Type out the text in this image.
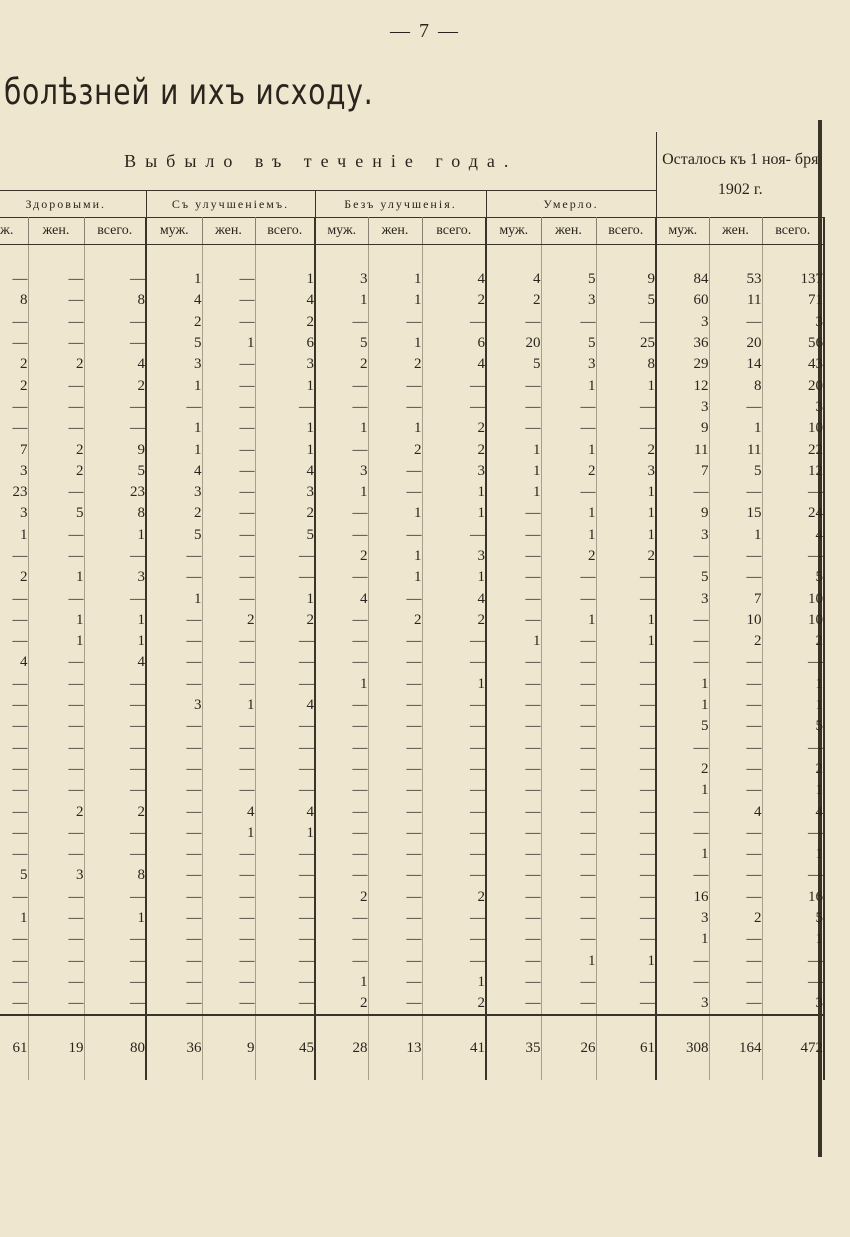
— 7 —
болѣзней и ихъ исходу.
Выбыло въ теченіе года.												Осталось къ 1 ноя- бря 1902 г.		
Здоровыми.			Съ улучшеніемъ.			Безъ улучшенія.			Умерло.					
ж.	жен.	всего.	муж.	жен.	всего.	муж.	жен.	всего.	муж.	жен.	всего.	муж.	жен.	всего.

—	—	—	1	—	1	3	1	4	4	5	9	84	53	137
8	—	8	4	—	4	1	1	2	2	3	5	60	11	71
—	—	—	2	—	2	—	—	—	—	—	—	3	—	3
—	—	—	5	1	6	5	1	6	20	5	25	36	20	56
2	2	4	3	—	3	2	2	4	5	3	8	29	14	43
2	—	2	1	—	1	—	—	—	—	1	1	12	8	20
—	—	—	—	—	—	—	—	—	—	—	—	3	—	3
—	—	—	1	—	1	1	1	2	—	—	—	9	1	10
7	2	9	1	—	1	—	2	2	1	1	2	11	11	22
3	2	5	4	—	4	3	—	3	1	2	3	7	5	12
23	—	23	3	—	3	1	—	1	1	—	1	—	—	—
3	5	8	2	—	2	—	1	1	—	1	1	9	15	24
1	—	1	5	—	5	—	—	—	—	1	1	3	1	4
—	—	—	—	—	—	2	1	3	—	2	2	—	—	—
2	1	3	—	—	—	—	1	1	—	—	—	5	—	5
—	—	—	1	—	1	4	—	4	—	—	—	3	7	10
—	1	1	—	2	2	—	2	2	—	1	1	—	10	10
—	1	1	—	—	—	—	—	—	1	—	1	—	2	2
4	—	4	—	—	—	—	—	—	—	—	—	—	—	—
—	—	—	—	—	—	1	—	1	—	—	—	1	—	1
—	—	—	3	1	4	—	—	—	—	—	—	1	—	1
—	—	—	—	—	—	—	—	—	—	—	—	5	—	5
—	—	—	—	—	—	—	—	—	—	—	—	—	—	—
—	—	—	—	—	—	—	—	—	—	—	—	2	—	2
—	—	—	—	—	—	—	—	—	—	—	—	1	—	1
—	2	2	—	4	4	—	—	—	—	—	—	—	4	4
—	—	—	—	1	1	—	—	—	—	—	—	—	—	—
—	—	—	—	—	—	—	—	—	—	—	—	1	—	1
5	3	8	—	—	—	—	—	—	—	—	—	—	—	—
—	—	—	—	—	—	2	—	2	—	—	—	16	—	16
1	—	1	—	—	—	—	—	—	—	—	—	3	2	5
—	—	—	—	—	—	—	—	—	—	—	—	1	—	1
—	—	—	—	—	—	—	—	—	—	1	1	—	—	—
—	—	—	—	—	—	1	—	1	—	—	—	—	—	—
—	—	—	—	—	—	2	—	2	—	—	—	3	—	3
61	19	80	36	9	45	28	13	41	35	26	61	308	164	472
